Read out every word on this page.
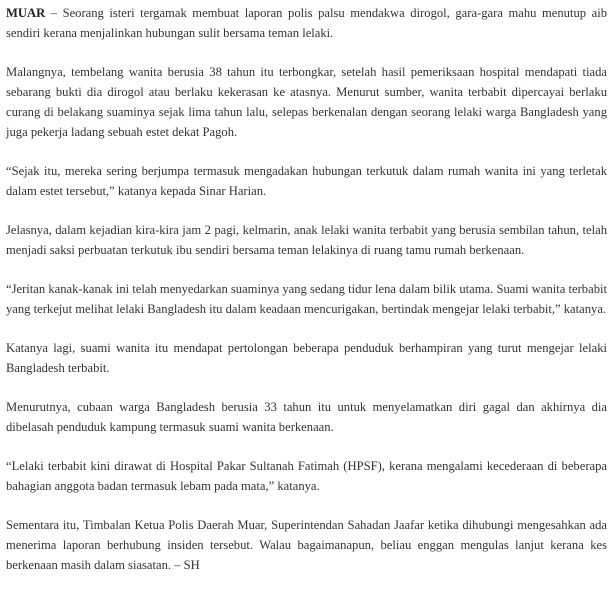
MUAR – Seorang isteri tergamak membuat laporan polis palsu mendakwa dirogol, gara-gara mahu menutup aib sendiri kerana menjalinkan hubungan sulit bersama teman lelaki.

Malangnya, tembelang wanita berusia 38 tahun itu terbongkar, setelah hasil pemeriksaan hospital mendapati tiada sebarang bukti dia dirogol atau berlaku kekerasan ke atasnya. Menurut sumber, wanita terbabit dipercayai berlaku curang di belakang suaminya sejak lima tahun lalu, selepas berkenalan dengan seorang lelaki warga Bangladesh yang juga pekerja ladang sebuah estet dekat Pagoh.

“Sejak itu, mereka sering berjumpa termasuk mengadakan hubungan terkutuk dalam rumah wanita ini yang terletak dalam estet tersebut,” katanya kepada Sinar Harian.

Jelasnya, dalam kejadian kira-kira jam 2 pagi, kelmarin, anak lelaki wanita terbabit yang berusia sembilan tahun, telah menjadi saksi perbuatan terkutuk ibu sendiri bersama teman lelakinya di ruang tamu rumah berkenaan.

“Jeritan kanak-kanak ini telah menyedarkan suaminya yang sedang tidur lena dalam bilik utama. Suami wanita terbabit yang terkejut melihat lelaki Bangladesh itu dalam keadaan mencurigakan, bertindak mengejar lelaki terbabit,” katanya.

Katanya lagi, suami wanita itu mendapat pertolongan beberapa penduduk berhampiran yang turut mengejar lelaki Bangladesh terbabit.

Menurutnya, cubaan warga Bangladesh berusia 33 tahun itu untuk menyelamatkan diri gagal dan akhirnya dia dibelasah penduduk kampung termasuk suami wanita berkenaan.

“Lelaki terbabit kini dirawat di Hospital Pakar Sultanah Fatimah (HPSF), kerana mengalami kecederaan di beberapa bahagian anggota badan termasuk lebam pada mata,” katanya.

Sementara itu, Timbalan Ketua Polis Daerah Muar, Superintendan Sahadan Jaafar ketika dihubungi mengesahkan ada menerima laporan berhubung insiden tersebut. Walau bagaimanapun, beliau enggan mengulas lanjut kerana kes berkenaan masih dalam siasatan. – SH
